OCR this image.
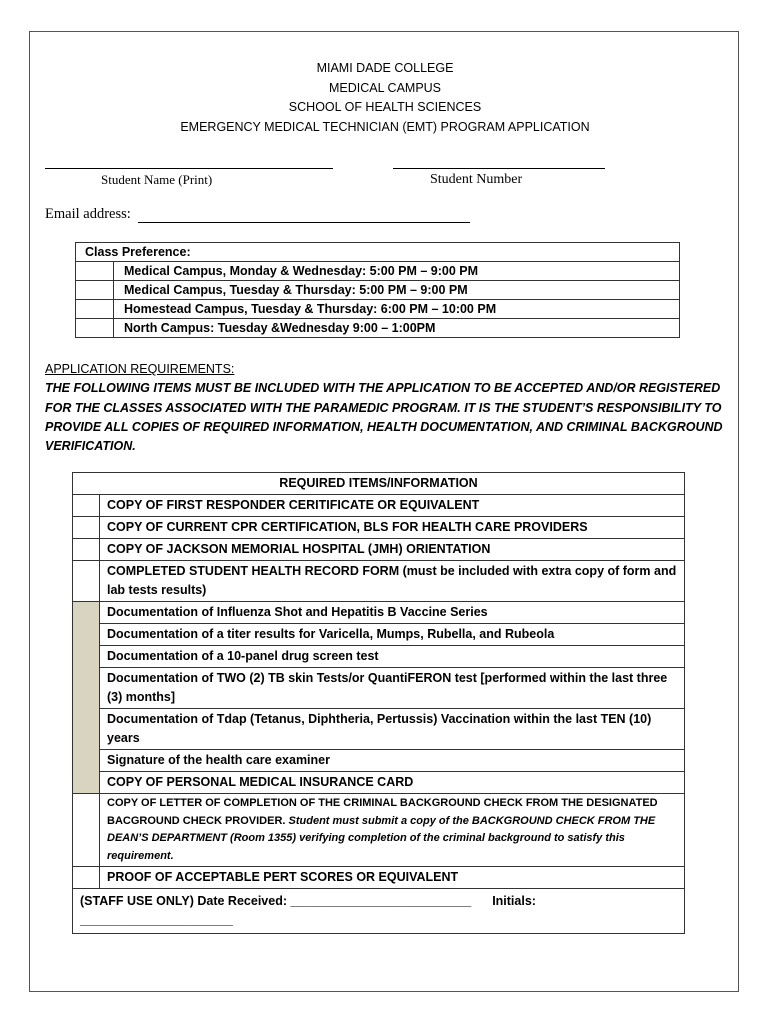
MIAMI DADE COLLEGE
MEDICAL CAMPUS
SCHOOL OF HEALTH SCIENCES
EMERGENCY MEDICAL TECHNICIAN (EMT) PROGRAM APPLICATION
Student Name (Print)	Student Number
Email address:
Class Preference:	
	Medical Campus, Monday & Wednesday: 5:00 PM – 9:00 PM
	Medical Campus, Tuesday & Thursday: 5:00 PM – 9:00 PM
	Homestead Campus, Tuesday & Thursday: 6:00 PM – 10:00 PM
	North Campus: Tuesday &Wednesday 9:00 – 1:00PM
APPLICATION REQUIREMENTS:
THE FOLLOWING ITEMS MUST BE INCLUDED WITH THE APPLICATION TO BE ACCEPTED AND/OR REGISTERED FOR THE CLASSES ASSOCIATED WITH THE PARAMEDIC PROGRAM. IT IS THE STUDENT’S RESPONSIBILITY TO PROVIDE ALL COPIES OF REQUIRED INFORMATION, HEALTH DOCUMENTATION, AND CRIMINAL BACKGROUND VERIFICATION.
REQUIRED ITEMS/INFORMATION	
	COPY OF FIRST RESPONDER CERITIFICATE OR EQUIVALENT
	COPY OF CURRENT CPR CERTIFICATION, BLS FOR HEALTH CARE PROVIDERS
	COPY OF JACKSON MEMORIAL HOSPITAL (JMH) ORIENTATION
	COMPLETED STUDENT HEALTH RECORD FORM (must be included with extra copy of form and lab tests results)
	Documentation of Influenza Shot and Hepatitis B Vaccine Series
	Documentation of a titer results for Varicella, Mumps, Rubella, and Rubeola
	Documentation of a 10-panel drug screen test
	Documentation of TWO (2) TB skin Tests/or QuantiFERON test [performed within the last three (3) months]
	Documentation of Tdap (Tetanus, Diphtheria, Pertussis) Vaccination within the last TEN (10) years
	Signature of the health care examiner
	COPY OF PERSONAL MEDICAL INSURANCE CARD
	COPY OF LETTER OF COMPLETION OF THE CRIMINAL BACKGROUND CHECK FROM THE DESIGNATED BACGROUND CHECK PROVIDER. Student must submit a copy of the BACKGROUND CHECK FROM THE DEAN’S DEPARTMENT (Room 1355) verifying completion of the criminal background to satisfy this requirement.
	PROOF OF ACCEPTABLE PERT SCORES OR EQUIVALENT
(STAFF USE ONLY) Date Received: __________________________ Initials:
______________________	
